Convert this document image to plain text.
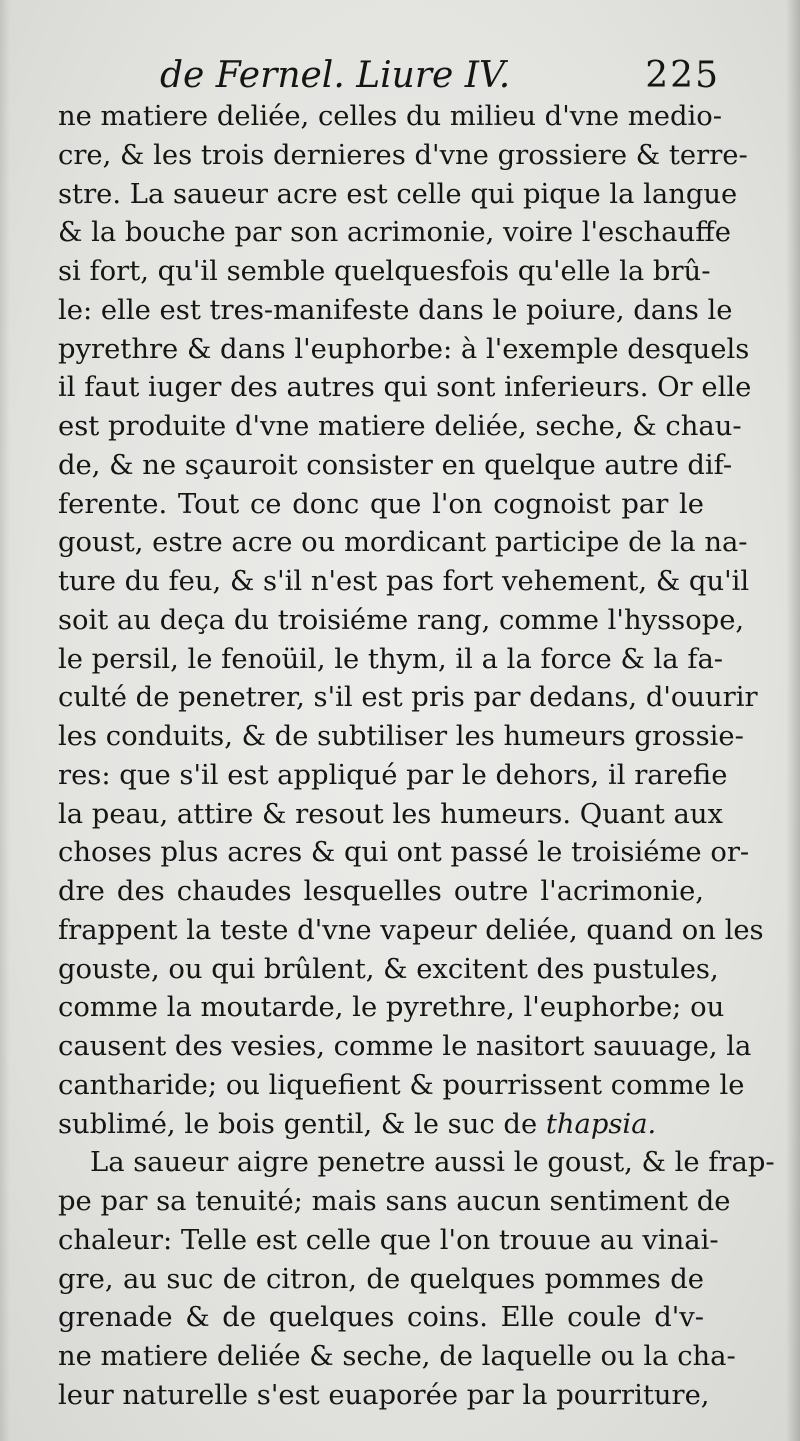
de Fernel. Liure IV.	225
ne matiere deliée, celles du milieu d'vne medio-
cre, & les trois dernieres d'vne grossiere & terre-
stre. La saueur acre est celle qui pique la langue
& la bouche par son acrimonie, voire l'eschauffe
si fort, qu'il semble quelquesfois qu'elle la brû-
le: elle est tres-manifeste dans le poiure, dans le
pyrethre & dans l'euphorbe: à l'exemple desquels
il faut iuger des autres qui sont inferieurs. Or elle
est produite d'vne matiere deliée, seche, & chau-
de, & ne sçauroit consister en quelque autre dif-
ferente. Tout ce donc que l'on cognoist par le
goust, estre acre ou mordicant participe de la na-
ture du feu, & s'il n'est pas fort vehement, & qu'il
soit au deça du troisiéme rang, comme l'hyssope,
le persil, le fenoüil, le thym, il a la force & la fa-
culté de penetrer, s'il est pris par dedans, d'ouurir
les conduits, & de subtiliser les humeurs grossie-
res: que s'il est appliqué par le dehors, il rarefie
la peau, attire & resout les humeurs. Quant aux
choses plus acres & qui ont passé le troisiéme or-
dre des chaudes lesquelles outre l'acrimonie,
frappent la teste d'vne vapeur deliée, quand on les
gouste, ou qui brûlent, & excitent des pustules,
comme la moutarde, le pyrethre, l'euphorbe; ou
causent des vesies, comme le nasitort sauuage, la
cantharide; ou liquefient & pourrissent comme le
sublimé, le bois gentil, & le suc de thapsia.
La saueur aigre penetre aussi le goust, & le frap-
pe par sa tenuité; mais sans aucun sentiment de
chaleur: Telle est celle que l'on trouue au vinai-
gre, au suc de citron, de quelques pommes de
grenade & de quelques coins. Elle coule d'v-
ne matiere deliée & seche, de laquelle ou la cha-
leur naturelle s'est euaporée par la pourriture,
